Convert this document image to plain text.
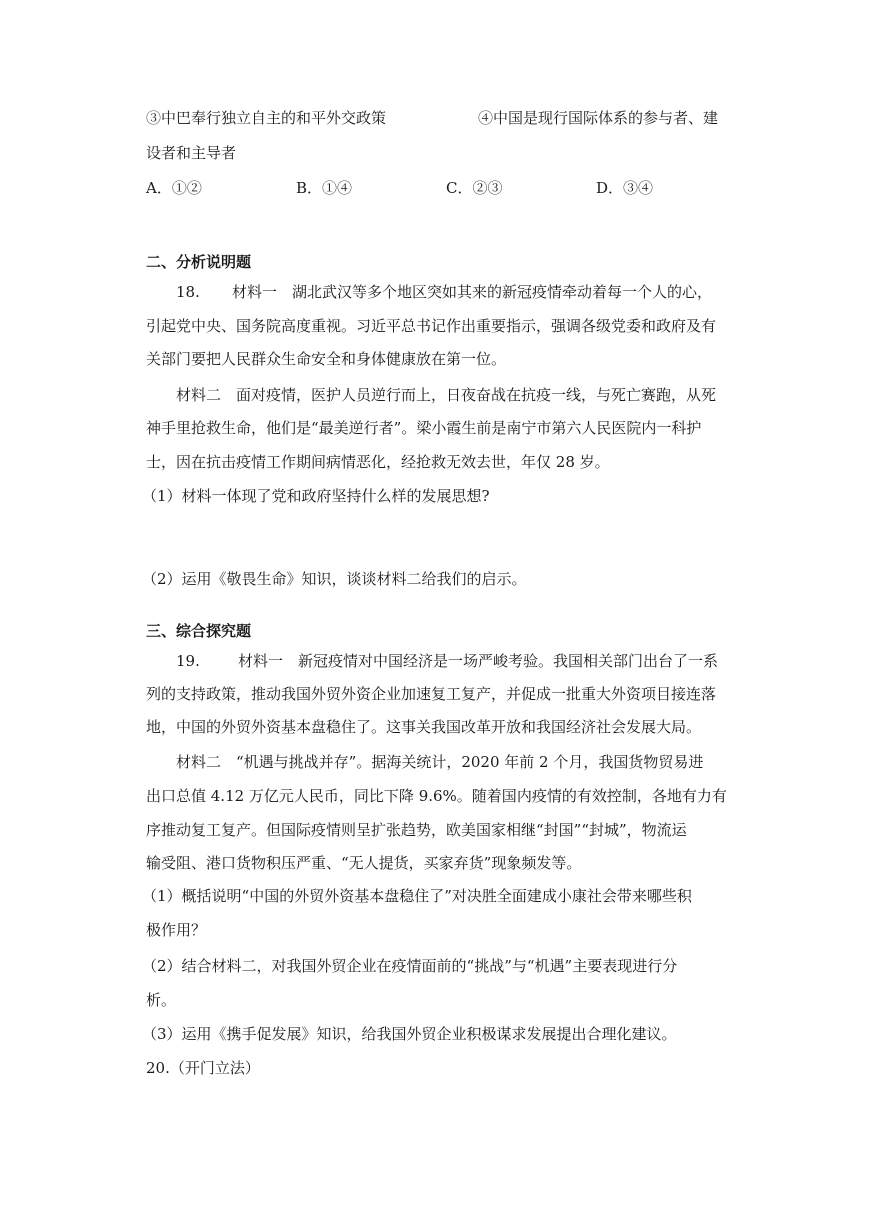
③中巴奉行独立自主的和平外交政策	④中国是现行国际体系的参与者、建
设者和主导者
A．①②	B．①④	C．②③	D．③④
二、分析说明题
18. 材料一　湖北武汉等多个地区突如其来的新冠疫情牵动着每一个人的心，
引起党中央、国务院高度重视。习近平总书记作出重要指示，强调各级党委和政府及有
关部门要把人民群众生命安全和身体健康放在第一位。
材料二　面对疫情，医护人员逆行而上，日夜奋战在抗疫一线，与死亡赛跑，从死
神手里抢救生命，他们是“最美逆行者”。梁小霞生前是南宁市第六人民医院内一科护
士，因在抗击疫情工作期间病情恶化，经抢救无效去世，年仅 28 岁。
（1）材料一体现了党和政府坚持什么样的发展思想?
（2）运用《敬畏生命》知识，谈谈材料二给我们的启示。
三、综合探究题
19.	材料一　新冠疫情对中国经济是一场严峻考验。我国相关部门出台了一系
列的支持政策，推动我国外贸外资企业加速复工复产，并促成一批重大外资项目接连落
地，中国的外贸外资基本盘稳住了。这事关我国改革开放和我国经济社会发展大局。
材料二　“机遇与挑战并存”。据海关统计，2020 年前 2 个月，我国货物贸易进
出口总值 4.12 万亿元人民币，同比下降 9.6%。随着国内疫情的有效控制，各地有力有
序推动复工复产。但国际疫情则呈扩张趋势，欧美国家相继“封国”“封城”，物流运
输受阻、港口货物积压严重、“无人提货，买家弃货”现象频发等。
（1）概括说明“中国的外贸外资基本盘稳住了”对决胜全面建成小康社会带来哪些积
极作用？
（2）结合材料二，对我国外贸企业在疫情面前的“挑战”与“机遇”主要表现进行分
析。
（3）运用《携手促发展》知识，给我国外贸企业积极谋求发展提出合理化建议。
20.（开门立法）
